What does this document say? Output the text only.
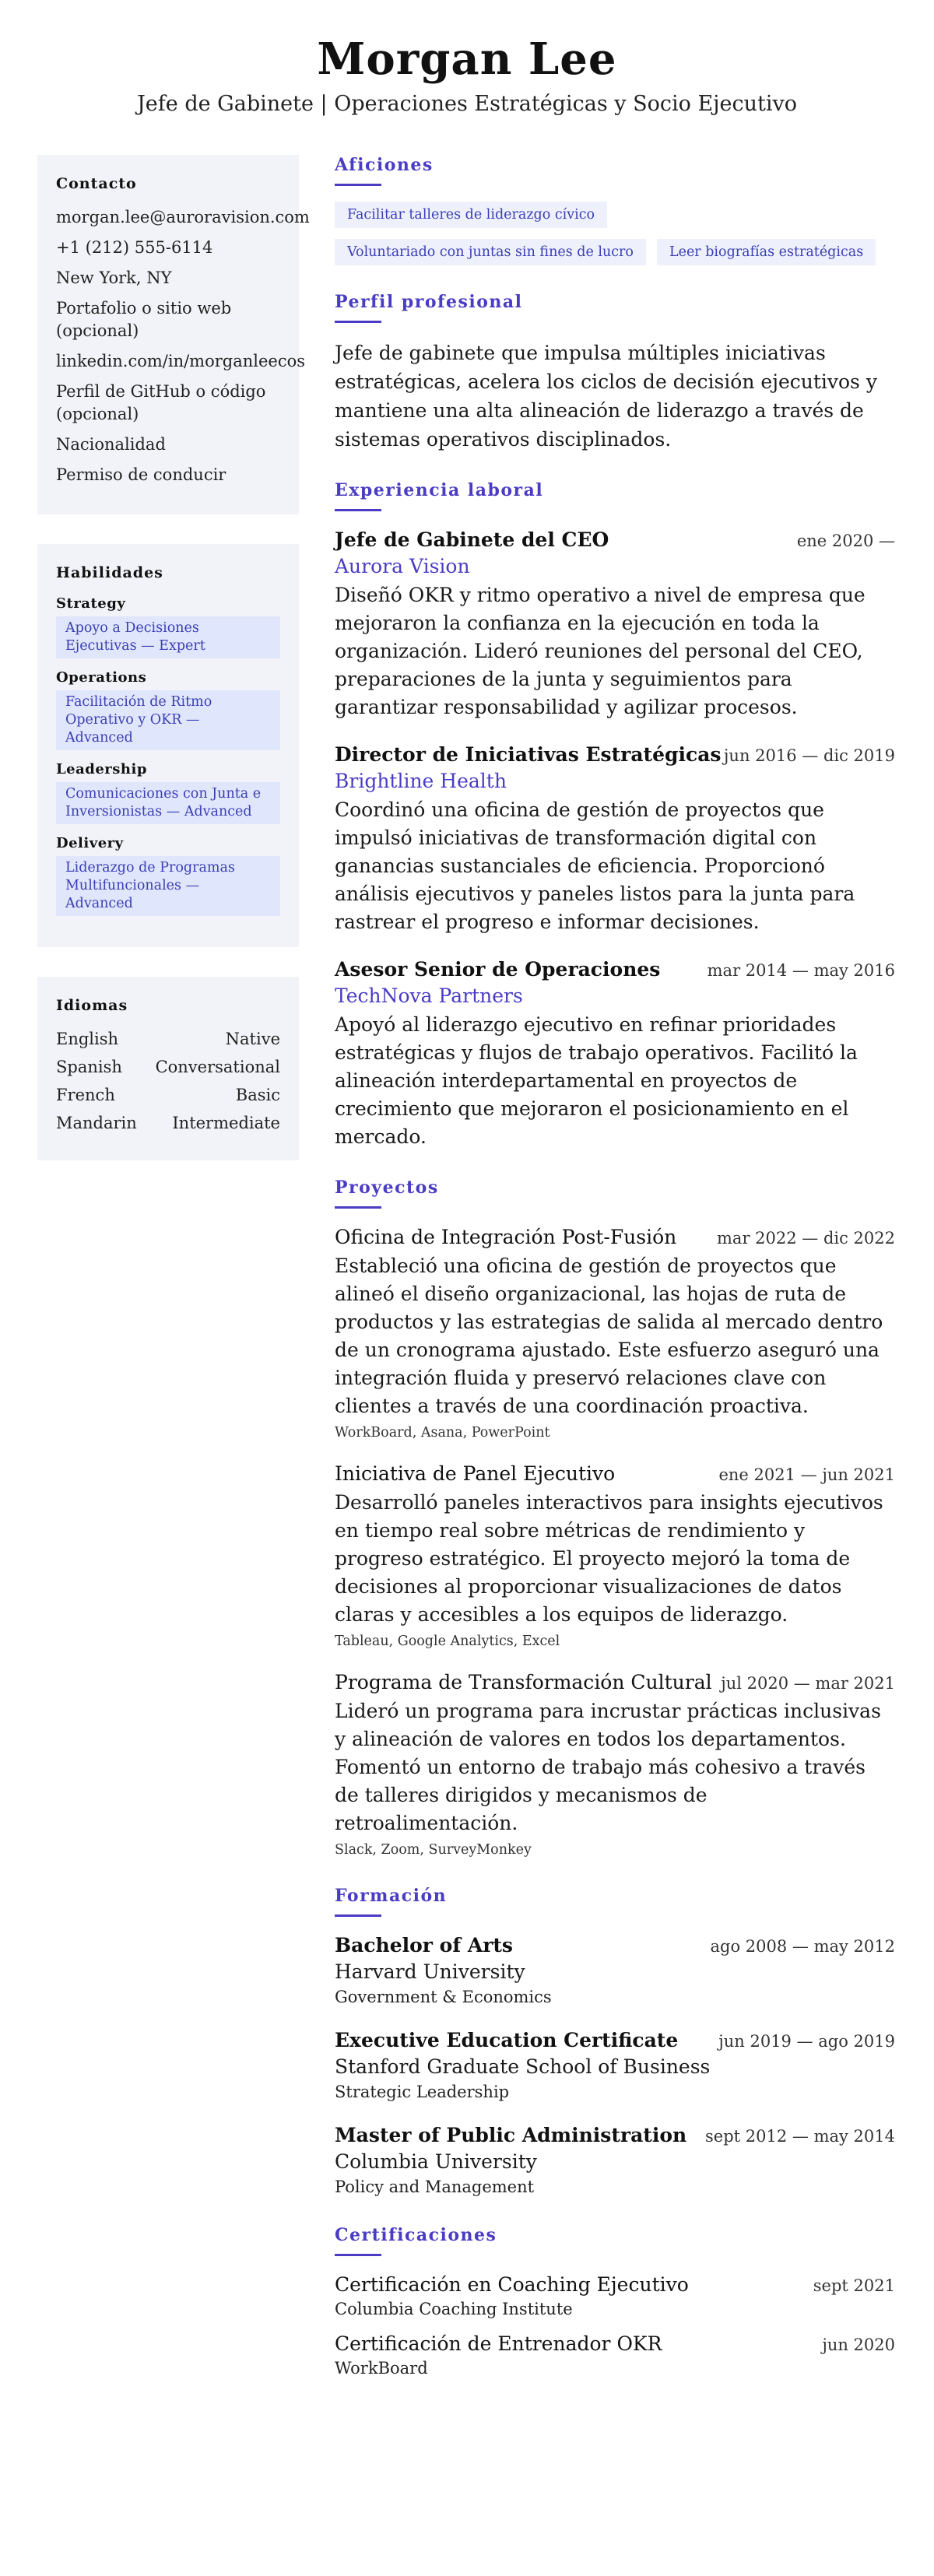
Morgan Lee
Jefe de Gabinete | Operaciones Estratégicas y Socio Ejecutivo
Contacto
morgan.lee@auroravision.com
+1 (212) 555-6114
New York, NY
Portafolio o sitio web (opcional)
linkedin.com/in/morganleecos
Perfil de GitHub o código (opcional)
Nacionalidad
Permiso de conducir
Habilidades
Strategy
Apoyo a Decisiones Ejecutivas — Expert
Operations
Facilitación de Ritmo Operativo y OKR — Advanced
Leadership
Comunicaciones con Junta e Inversionistas — Advanced
Delivery
Liderazgo de Programas Multifuncionales — Advanced
Idiomas
English	Native
Spanish Conversational
French	Basic
Mandarin Intermediate
Aficiones
Facilitar talleres de liderazgo cívico
Voluntariado con juntas sin fines de lucro	Leer biografías estratégicas
Perfil profesional
Jefe de gabinete que impulsa múltiples iniciativas estratégicas, acelera los ciclos de decisión ejecutivos y mantiene una alta alineación de liderazgo a través de sistemas operativos disciplinados.
Experiencia laboral
Jefe de Gabinete del CEO	ene 2020 —
Aurora Vision
Diseñó OKR y ritmo operativo a nivel de empresa que mejoraron la confianza en la ejecución en toda la organización. Lideró reuniones del personal del CEO, preparaciones de la junta y seguimientos para garantizar responsabilidad y agilizar procesos.
Director de Iniciativas Estratégicas jun 2016 — dic 2019
Brightline Health
Coordinó una oficina de gestión de proyectos que impulsó iniciativas de transformación digital con ganancias sustanciales de eficiencia. Proporcionó análisis ejecutivos y paneles listos para la junta para rastrear el progreso e informar decisiones.
Asesor Senior de Operaciones	mar 2014 — may 2016
TechNova Partners
Apoyó al liderazgo ejecutivo en refinar prioridades estratégicas y flujos de trabajo operativos. Facilitó la alineación interdepartamental en proyectos de crecimiento que mejoraron el posicionamiento en el mercado.
Proyectos
Oficina de Integración Post-Fusión mar 2022 — dic 2022
Estableció una oficina de gestión de proyectos que alineó el diseño organizacional, las hojas de ruta de productos y las estrategias de salida al mercado dentro de un cronograma ajustado. Este esfuerzo aseguró una integración fluida y preservó relaciones clave con clientes a través de una coordinación proactiva.
WorkBoard, Asana, PowerPoint
Iniciativa de Panel Ejecutivo	ene 2021 — jun 2021
Desarrolló paneles interactivos para insights ejecutivos en tiempo real sobre métricas de rendimiento y progreso estratégico. El proyecto mejoró la toma de decisiones al proporcionar visualizaciones de datos claras y accesibles a los equipos de liderazgo.
Tableau, Google Analytics, Excel
Programa de Transformación Cultural jul 2020 — mar 2021
Lideró un programa para incrustar prácticas inclusivas y alineación de valores en todos los departamentos. Fomentó un entorno de trabajo más cohesivo a través de talleres dirigidos y mecanismos de retroalimentación.
Slack, Zoom, SurveyMonkey
Formación
Bachelor of Arts	ago 2008 — may 2012
Harvard University
Government & Economics
Executive Education Certificate jun 2019 — ago 2019
Stanford Graduate School of Business
Strategic Leadership
Master of Public Administration sept 2012 — may 2014
Columbia University
Policy and Management
Certificaciones
Certificación en Coaching Ejecutivo	sept 2021
Columbia Coaching Institute
Certificación de Entrenador OKR	jun 2020
WorkBoard
